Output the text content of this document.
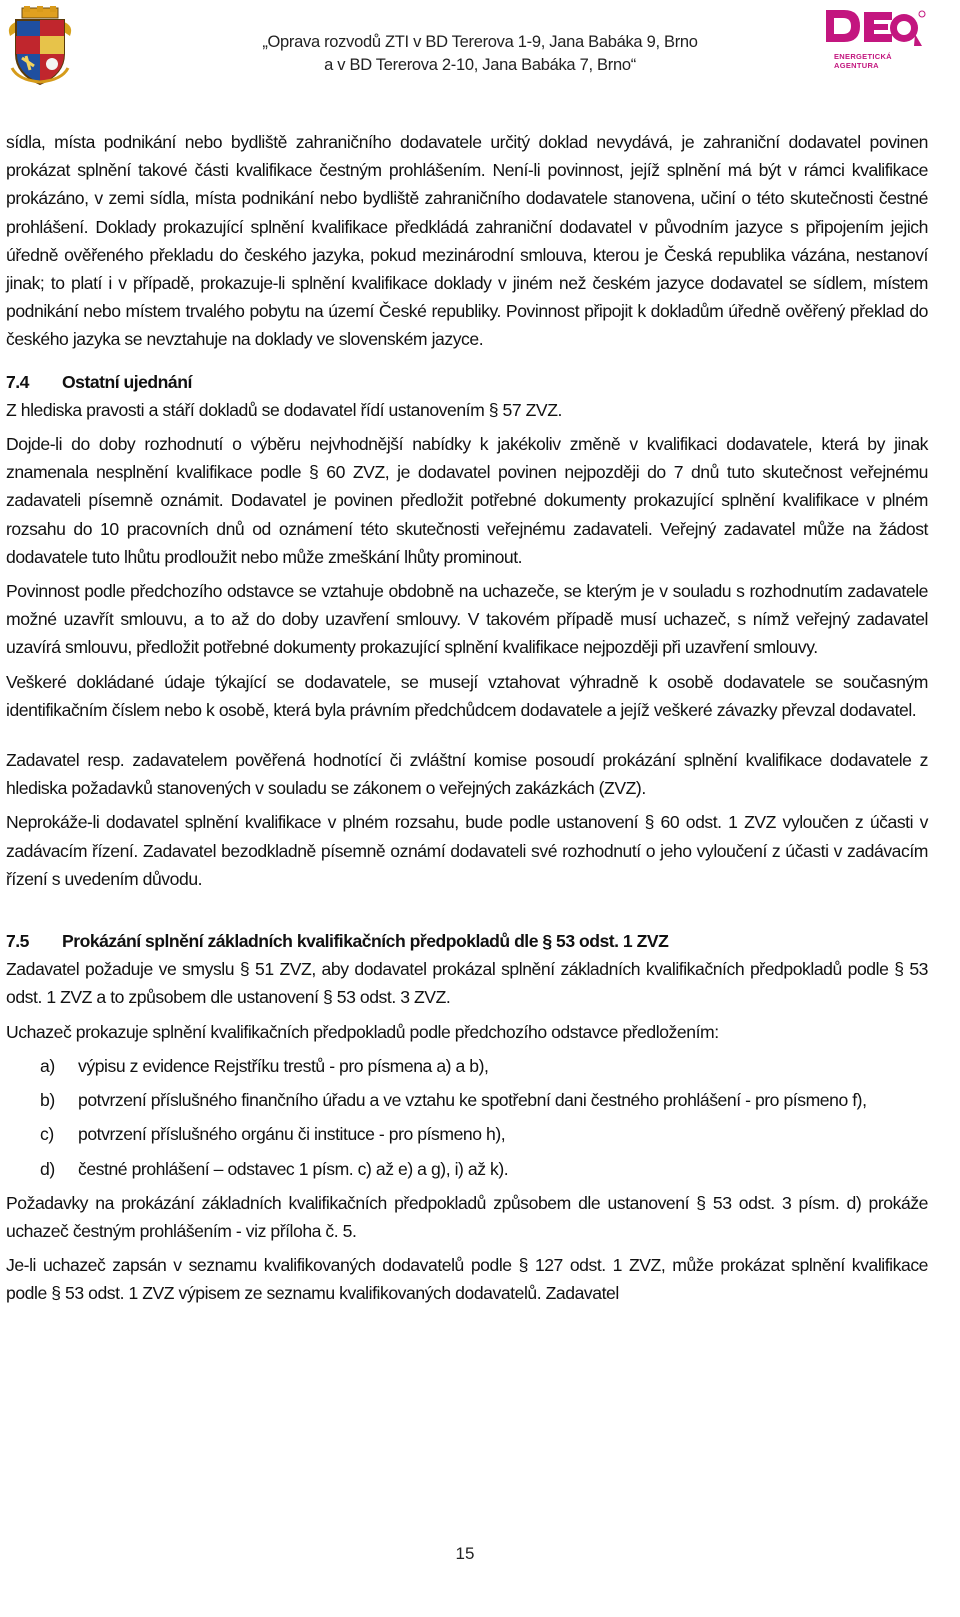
„Oprava rozvodů ZTI v BD Tererova 1-9, Jana Babáka 9, Brno
a v BD Tererova 2-10, Jana Babáka 7, Brno“	ENERGETICKÁ
AGENTURA

sídla, místa podnikání nebo bydliště zahraničního dodavatele určitý doklad nevydává, je zahraniční dodavatel povinen prokázat splnění takové části kvalifikace čestným prohlášením. Není-li povinnost, jejíž splnění má být v rámci kvalifikace prokázáno, v zemi sídla, místa podnikání nebo bydliště zahraničního dodavatele stanovena, učiní o této skutečnosti čestné prohlášení. Doklady prokazující splnění kvalifikace předkládá zahraniční dodavatel v původním jazyce s připojením jejich úředně ověřeného překladu do českého jazyka, pokud mezinárodní smlouva, kterou je Česká republika vázána, nestanoví jinak; to platí i v případě, prokazuje-li splnění kvalifikace doklady v jiném než českém jazyce dodavatel se sídlem, místem podnikání nebo místem trvalého pobytu na území České republiky. Povinnost připojit k dokladům úředně ověřený překlad do českého jazyka se nevztahuje na doklady ve slovenském jazyce.

7.4 Ostatní ujednání

Z hlediska pravosti a stáří dokladů se dodavatel řídí ustanovením § 57 ZVZ.

Dojde-li do doby rozhodnutí o výběru nejvhodnější nabídky k jakékoliv změně v kvalifikaci dodavatele, která by jinak znamenala nesplnění kvalifikace podle § 60 ZVZ, je dodavatel povinen nejpozději do 7 dnů tuto skutečnost veřejnému zadavateli písemně oznámit. Dodavatel je povinen předložit potřebné dokumenty prokazující splnění kvalifikace v plném rozsahu do 10 pracovních dnů od oznámení této skutečnosti veřejnému zadavateli. Veřejný zadavatel může na žádost dodavatele tuto lhůtu prodloužit nebo může zmeškání lhůty prominout.

Povinnost podle předchozího odstavce se vztahuje obdobně na uchazeče, se kterým je v souladu s rozhodnutím zadavatele možné uzavřít smlouvu, a to až do doby uzavření smlouvy. V takovém případě musí uchazeč, s nímž veřejný zadavatel uzavírá smlouvu, předložit potřebné dokumenty prokazující splnění kvalifikace nejpozději při uzavření smlouvy.

Veškeré dokládané údaje týkající se dodavatele, se musejí vztahovat výhradně k osobě dodavatele se současným identifikačním číslem nebo k osobě, která byla právním předchůdcem dodavatele a jejíž veškeré závazky převzal dodavatel.

Zadavatel resp. zadavatelem pověřená hodnotící či zvláštní komise posoudí prokázání splnění kvalifikace dodavatele z hlediska požadavků stanovených v souladu se zákonem o veřejných zakázkách (ZVZ).

Neprokáže-li dodavatel splnění kvalifikace v plném rozsahu, bude podle ustanovení § 60 odst. 1 ZVZ vyloučen z účasti v zadávacím řízení. Zadavatel bezodkladně písemně oznámí dodavateli své rozhodnutí o jeho vyloučení z účasti v zadávacím řízení s uvedením důvodu.

7.5 Prokázání splnění základních kvalifikačních předpokladů dle § 53 odst. 1 ZVZ

Zadavatel požaduje ve smyslu § 51 ZVZ, aby dodavatel prokázal splnění základních kvalifikačních předpokladů podle § 53 odst. 1 ZVZ a to způsobem dle ustanovení § 53 odst. 3 ZVZ.

Uchazeč prokazuje splnění kvalifikačních předpokladů podle předchozího odstavce předložením:

a) výpisu z evidence Rejstříku trestů - pro písmena a) a b),
b) potvrzení příslušného finančního úřadu a ve vztahu ke spotřební dani čestného prohlášení - pro písmeno f),
c) potvrzení příslušného orgánu či instituce - pro písmeno h),
d) čestné prohlášení – odstavec 1 písm. c) až e) a g), i) až k).

Požadavky na prokázání základních kvalifikačních předpokladů způsobem dle ustanovení § 53 odst. 3 písm. d) prokáže uchazeč čestným prohlášením - viz příloha č. 5.

Je-li uchazeč zapsán v seznamu kvalifikovaných dodavatelů podle § 127 odst. 1 ZVZ, může prokázat splnění kvalifikace podle § 53 odst. 1 ZVZ výpisem ze seznamu kvalifikovaných dodavatelů. Zadavatel

15
